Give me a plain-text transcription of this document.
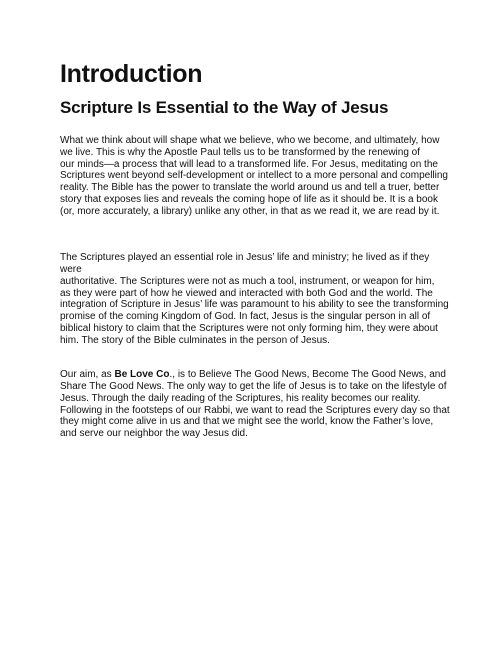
Introduction
Scripture Is Essential to the Way of Jesus

What we think about will shape what we believe, who we become, and ultimately, how
we live. This is why the Apostle Paul tells us to be transformed by the renewing of
our minds—a process that will lead to a transformed life. For Jesus, meditating on the
Scriptures went beyond self-development or intellect to a more personal and compelling
reality. The Bible has the power to translate the world around us and tell a truer, better
story that exposes lies and reveals the coming hope of life as it should be. It is a book
(or, more accurately, a library) unlike any other, in that as we read it, we are read by it.

The Scriptures played an essential role in Jesus’ life and ministry; he lived as if they
were
authoritative. The Scriptures were not as much a tool, instrument, or weapon for him,
as they were part of how he viewed and interacted with both God and the world. The
integration of Scripture in Jesus’ life was paramount to his ability to see the transforming
promise of the coming Kingdom of God. In fact, Jesus is the singular person in all of
biblical history to claim that the Scriptures were not only forming him, they were about
him. The story of the Bible culminates in the person of Jesus.

Our aim, as Be Love Co., is to Believe The Good News, Become The Good News, and
Share The Good News. The only way to get the life of Jesus is to take on the lifestyle of
Jesus. Through the daily reading of the Scriptures, his reality becomes our reality.
Following in the footsteps of our Rabbi, we want to read the Scriptures every day so that
they might come alive in us and that we might see the world, know the Father’s love,
and serve our neighbor the way Jesus did.
